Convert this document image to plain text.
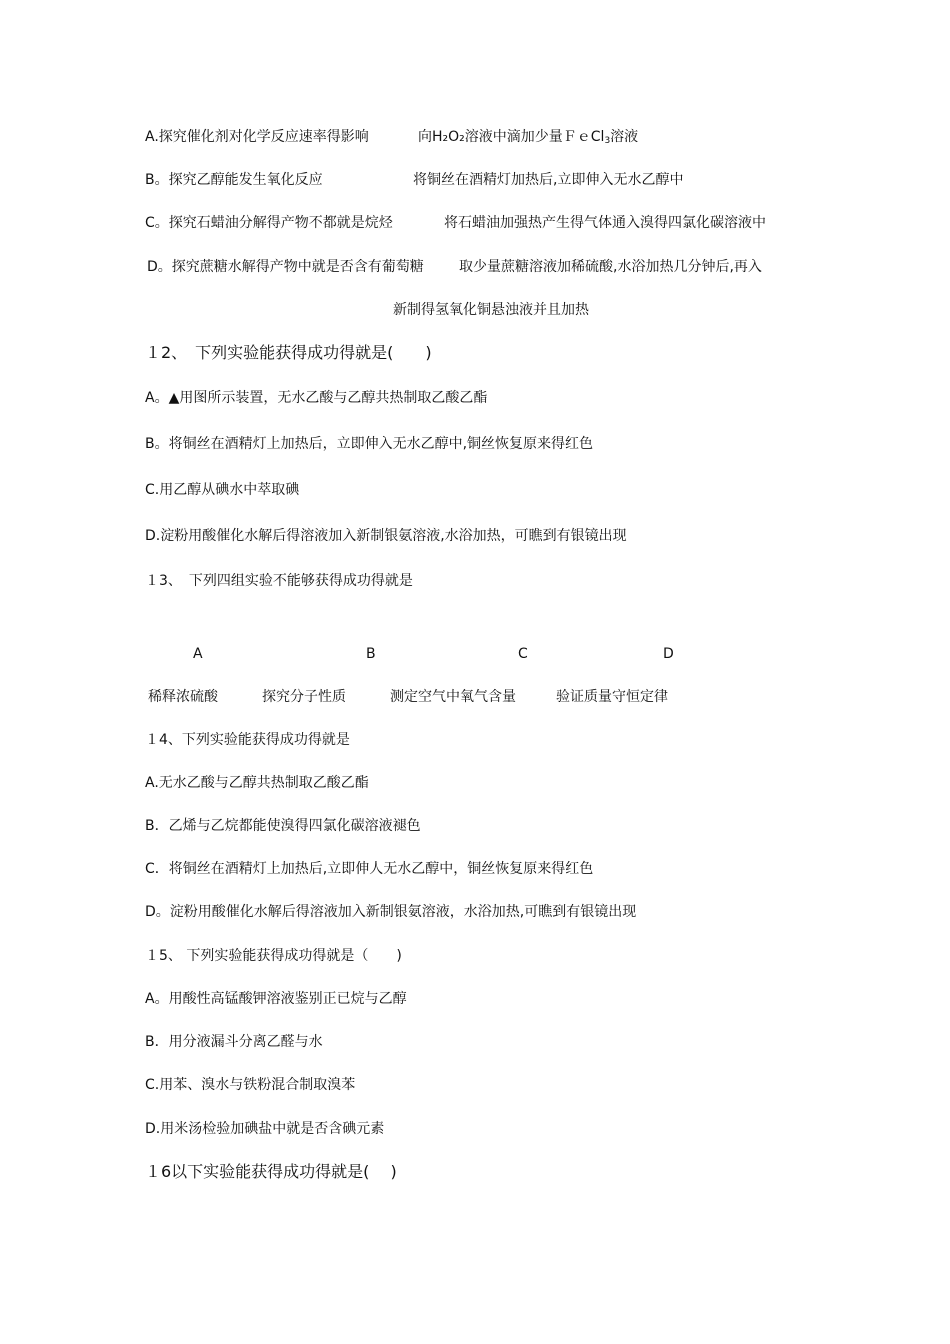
A.探究催化剂对化学反应速率得影响	向H₂O₂溶液中滴加少量ＦｅCl$_3$溶液
B。探究乙醇能发生氧化反应	将铜丝在酒精灯加热后,立即伸入无水乙醇中
C。探究石蜡油分解得产物不都就是烷烃	将石蜡油加强热产生得气体通入溴得四氯化碳溶液中
D。探究蔗糖水解得产物中就是否含有葡萄糖	取少量蔗糖溶液加稀硫酸,水浴加热几分钟后,再入
新制得氢氧化铜悬浊液并且加热
１2、　下列实验能获得成功得就是(　　)
A。▲用图所示装置，无水乙酸与乙醇共热制取乙酸乙酯
B。将铜丝在酒精灯上加热后，立即伸入无水乙醇中,铜丝恢复原来得红色
C.用乙醇从碘水中萃取碘
D.淀粉用酸催化水解后得溶液加入新制银氨溶液,水浴加热，可瞧到有银镜出现
１3、　下列四组实验不能够获得成功得就是
A	B	C	D
稀释浓硫酸	探究分子性质	测定空气中氧气含量	验证质量守恒定律
１4、下列实验能获得成功得就是
A.无水乙酸与乙醇共热制取乙酸乙酯
B．乙烯与乙烷都能使溴得四氯化碳溶液褪色
C．将铜丝在酒精灯上加热后,立即伸人无水乙醇中，铜丝恢复原来得红色
D。淀粉用酸催化水解后得溶液加入新制银氨溶液，水浴加热,可瞧到有银镜出现
１5、 下列实验能获得成功得就是（　　)
A。用酸性高锰酸钾溶液鉴别正已烷与乙醇
B．用分液漏斗分离乙醛与水
C.用苯、溴水与铁粉混合制取溴苯
D.用米汤检验加碘盐中就是否含碘元素
１6以下实验能获得成功得就是(　 )
